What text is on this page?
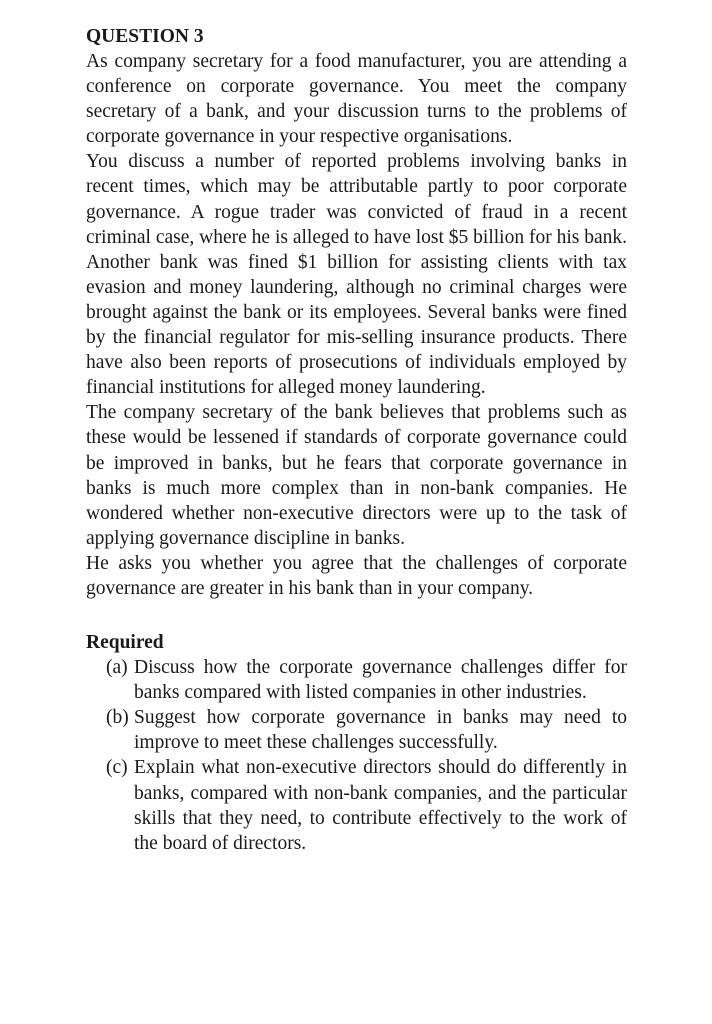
QUESTION 3

As company secretary for a food manufacturer, you are attending a conference on corporate governance. You meet the company secretary of a bank, and your discussion turns to the problems of corporate governance in your respective organisations.

You discuss a number of reported problems involving banks in recent times, which may be attributable partly to poor corporate governance. A rogue trader was convicted of fraud in a recent criminal case, where he is alleged to have lost $5 billion for his bank. Another bank was fined $1 billion for assisting clients with tax evasion and money laundering, although no criminal charges were brought against the bank or its employees. Several banks were fined by the financial regulator for mis-selling insurance products. There have also been reports of prosecutions of individuals employed by financial institutions for alleged money laundering.

The company secretary of the bank believes that problems such as these would be lessened if standards of corporate governance could be improved in banks, but he fears that corporate governance in banks is much more complex than in non-bank companies. He wondered whether non-executive directors were up to the task of applying governance discipline in banks.

He asks you whether you agree that the challenges of corporate governance are greater in his bank than in your company.

Required
(a) Discuss how the corporate governance challenges differ for banks compared with listed companies in other industries.
(b) Suggest how corporate governance in banks may need to improve to meet these challenges successfully.
(c) Explain what non-executive directors should do differently in banks, compared with non-bank companies, and the particular skills that they need, to contribute effectively to the work of the board of directors.
